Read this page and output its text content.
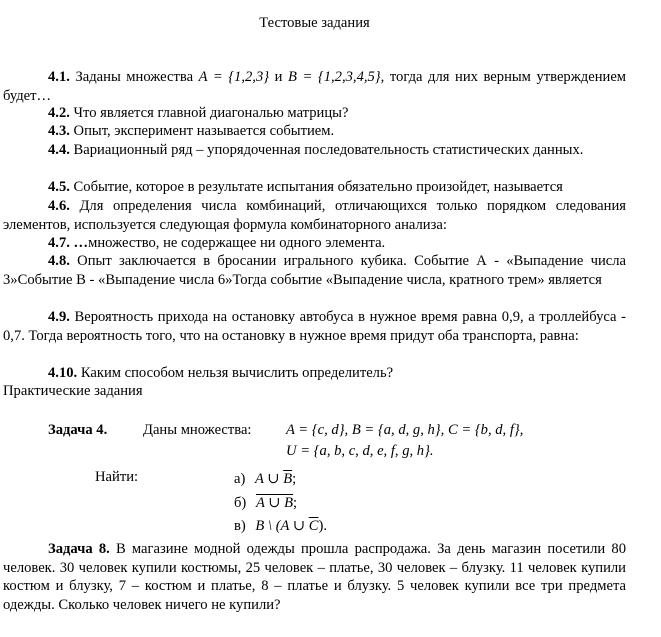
Тестовые задания
4.1. Заданы множества A = {1,2,3} и B = {1,2,3,4,5}, тогда для них верным утверждением будет…
4.2. Что является главной диагональю матрицы?
4.3. Опыт, эксперимент называется событием.
4.4. Вариационный ряд – упорядоченная последовательность статистических данных.
4.5. Событие, которое в результате испытания обязательно произойдет, называется
4.6. Для определения числа комбинаций, отличающихся только порядком следования элементов, используется следующая формула комбинаторного анализа:
4.7. …множество, не содержащее ни одного элемента.
4.8. Опыт заключается в бросании игрального кубика. Событие А - «Выпадение числа 3»Событие В - «Выпадение числа 6»Тогда событие «Выпадение числа, кратного трем» является
4.9. Вероятность прихода на остановку автобуса в нужное время равна 0,9, а троллейбуса - 0,7. Тогда вероятность того, что на остановку в нужное время придут оба транспорта, равна:
4.10. Каким способом нельзя вычислить определитель?
Практические задания
Задача 4. Даны множества: A = {c, d}, B = {a, d, g, h}, C = {b, d, f},
U = {a, b, c, d, e, f, g, h}.
Найти:	а) A ∪ $\overline{B}$;
б) A ∪ B;
в) B \ (A ∪ $\overline{C}$).
Задача 8. В магазине модной одежды прошла распродажа. За день магазин посетили 80 человек. 30 человек купили костюмы, 25 человек – платье, 30 человек – блузку. 11 человек купили костюм и блузку, 7 – костюм и платье, 8 – платье и блузку. 5 человек купили все три предмета одежды. Сколько человек ничего не купили?
